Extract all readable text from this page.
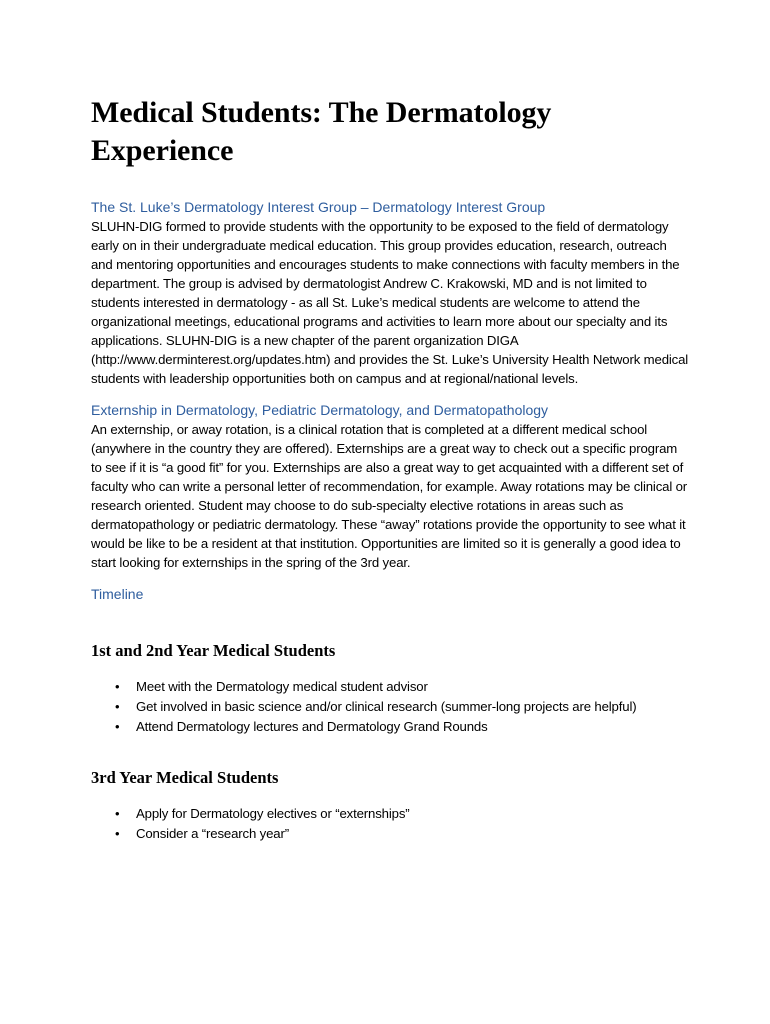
Medical Students: The Dermatology Experience
The St. Luke’s Dermatology Interest Group – Dermatology Interest Group

SLUHN-DIG formed to provide students with the opportunity to be exposed to the field of dermatology early on in their undergraduate medical education. This group provides education, research, outreach and mentoring opportunities and encourages students to make connections with faculty members in the department. The group is advised by dermatologist Andrew C. Krakowski, MD and is not limited to students interested in dermatology - as all St. Luke’s medical students are welcome to attend the organizational meetings, educational programs and activities to learn more about our specialty and its applications. SLUHN-DIG is a new chapter of the parent organization DIGA (http://www.derminterest.org/updates.htm) and provides the St. Luke’s University Health Network medical students with leadership opportunities both on campus and at regional/national levels.

Externship in Dermatology, Pediatric Dermatology, and Dermatopathology

An externship, or away rotation, is a clinical rotation that is completed at a different medical school (anywhere in the country they are offered). Externships are a great way to check out a specific program to see if it is “a good fit” for you. Externships are also a great way to get acquainted with a different set of faculty who can write a personal letter of recommendation, for example. Away rotations may be clinical or research oriented. Student may choose to do sub-specialty elective rotations in areas such as dermatopathology or pediatric dermatology. These “away” rotations provide the opportunity to see what it would be like to be a resident at that institution. Opportunities are limited so it is generally a good idea to start looking for externships in the spring of the 3rd year.

Timeline
1st and 2nd Year Medical Students
• Meet with the Dermatology medical student advisor
• Get involved in basic science and/or clinical research (summer-long projects are helpful)
• Attend Dermatology lectures and Dermatology Grand Rounds
3rd Year Medical Students
• Apply for Dermatology electives or “externships”
• Consider a “research year”
